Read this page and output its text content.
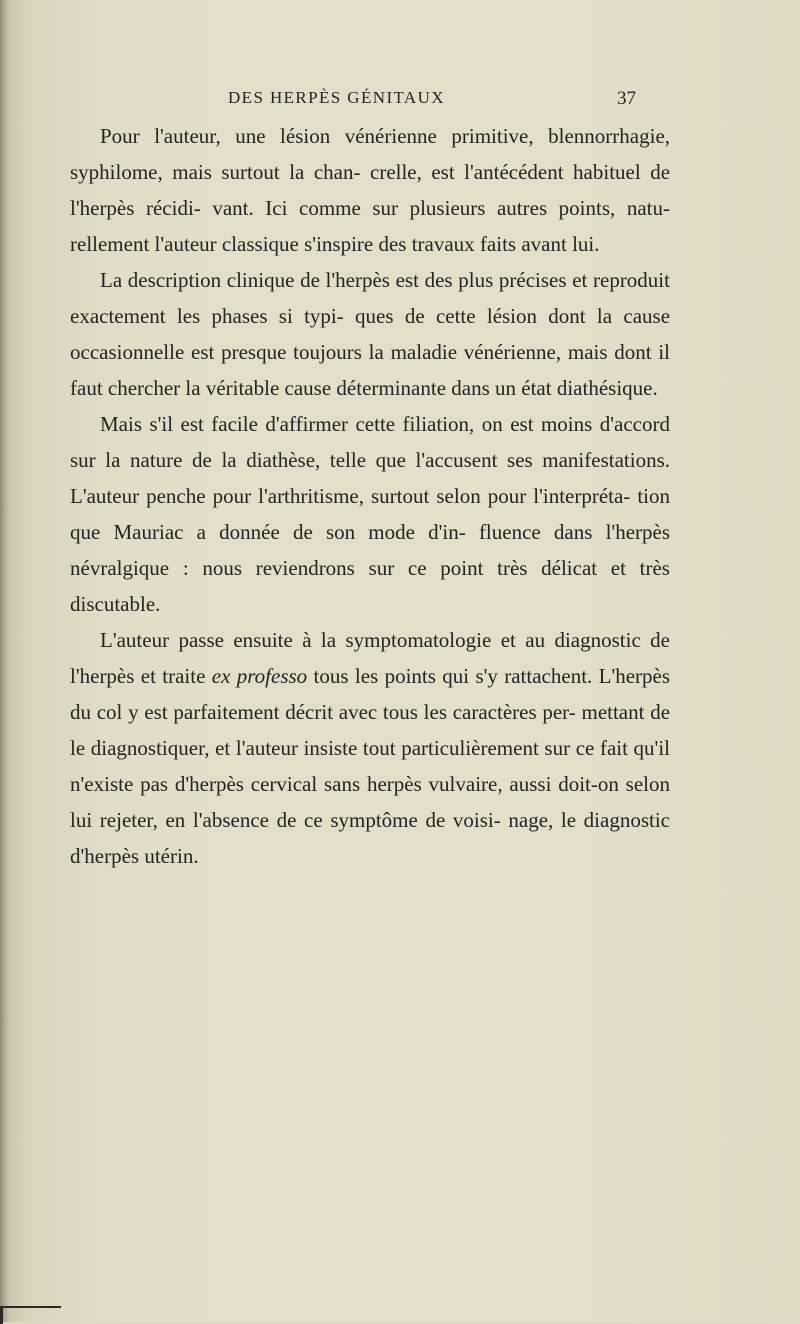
DES HERPÈS GÉNITAUX	37

Pour l'auteur, une lésion vénérienne primitive, blennorrhagie, syphilome, mais surtout la chan- crelle, est l'antécédent habituel de l'herpès récidi- vant. Ici comme sur plusieurs autres points, natu- rellement l'auteur classique s'inspire des travaux faits avant lui.

La description clinique de l'herpès est des plus précises et reproduit exactement les phases si typi- ques de cette lésion dont la cause occasionnelle est presque toujours la maladie vénérienne, mais dont il faut chercher la véritable cause déterminante dans un état diathésique.

Mais s'il est facile d'affirmer cette filiation, on est moins d'accord sur la nature de la diathèse, telle que l'accusent ses manifestations. L'auteur penche pour l'arthritisme, surtout selon pour l'interpréta- tion que Mauriac a donnée de son mode d'in- fluence dans l'herpès névralgique : nous reviendrons sur ce point très délicat et très discutable.

L'auteur passe ensuite à la symptomatologie et au diagnostic de l'herpès et traite ex professo tous les points qui s'y rattachent. L'herpès du col y est parfaitement décrit avec tous les caractères per- mettant de le diagnostiquer, et l'auteur insiste tout particulièrement sur ce fait qu'il n'existe pas d'herpès cervical sans herpès vulvaire, aussi doit-on selon lui rejeter, en l'absence de ce symptôme de voisi- nage, le diagnostic d'herpès utérin.
